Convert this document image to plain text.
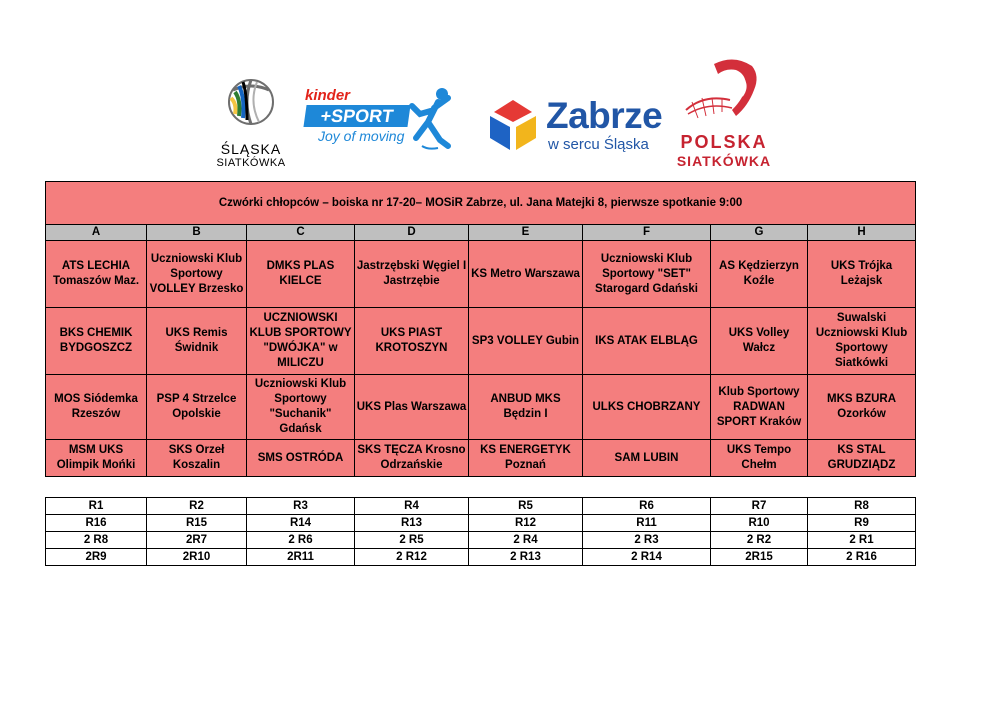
ŚLĄSKA
SIATKÓWKA
kinder
+SPORT
Joy of moving	Zabrze
w sercu Śląska	POLSKA
SIATKÓWKA
Czwórki chłopców – boiska nr 17-20– MOSiR Zabrze, ul. Jana Matejki 8, pierwsze spotkanie 9:00							
A	B	C	D	E	F	G	H
ATS LECHIA Tomaszów Maz.	Uczniowski Klub Sportowy VOLLEY Brzesko	DMKS PLAS KIELCE	Jastrzębski Węgiel I Jastrzębie	KS Metro Warszawa	Uczniowski Klub Sportowy "SET" Starogard Gdański	AS Kędzierzyn Koźle	UKS Trójka Leżajsk
BKS CHEMIK BYDGOSZCZ	UKS Remis Świdnik	UCZNIOWSKI KLUB SPORTOWY "DWÓJKA" w MILICZU	UKS PIAST KROTOSZYN	SP3 VOLLEY Gubin	IKS ATAK ELBLĄG	UKS Volley Wałcz	Suwalski Uczniowski Klub Sportowy Siatkówki
MOS Siódemka Rzeszów	PSP 4 Strzelce Opolskie	Uczniowski Klub Sportowy "Suchanik" Gdańsk	UKS Plas Warszawa	ANBUD MKS Będzin I	ULKS CHOBRZANY	Klub Sportowy RADWAN SPORT Kraków	MKS BZURA Ozorków
MSM UKS Olimpik Mońki	SKS Orzeł Koszalin	SMS OSTRÓDA	SKS TĘCZA Krosno Odrzańskie	KS ENERGETYK Poznań	SAM LUBIN	UKS Tempo Chełm	KS STAL GRUDZIĄDZ
R1	R2	R3	R4	R5	R6	R7	R8
R16	R15	R14	R13	R12	R11	R10	R9
2 R8	2R7	2 R6	2 R5	2 R4	2 R3	2 R2	2 R1
2R9	2R10	2R11	2 R12	2 R13	2 R14	2R15	2 R16
